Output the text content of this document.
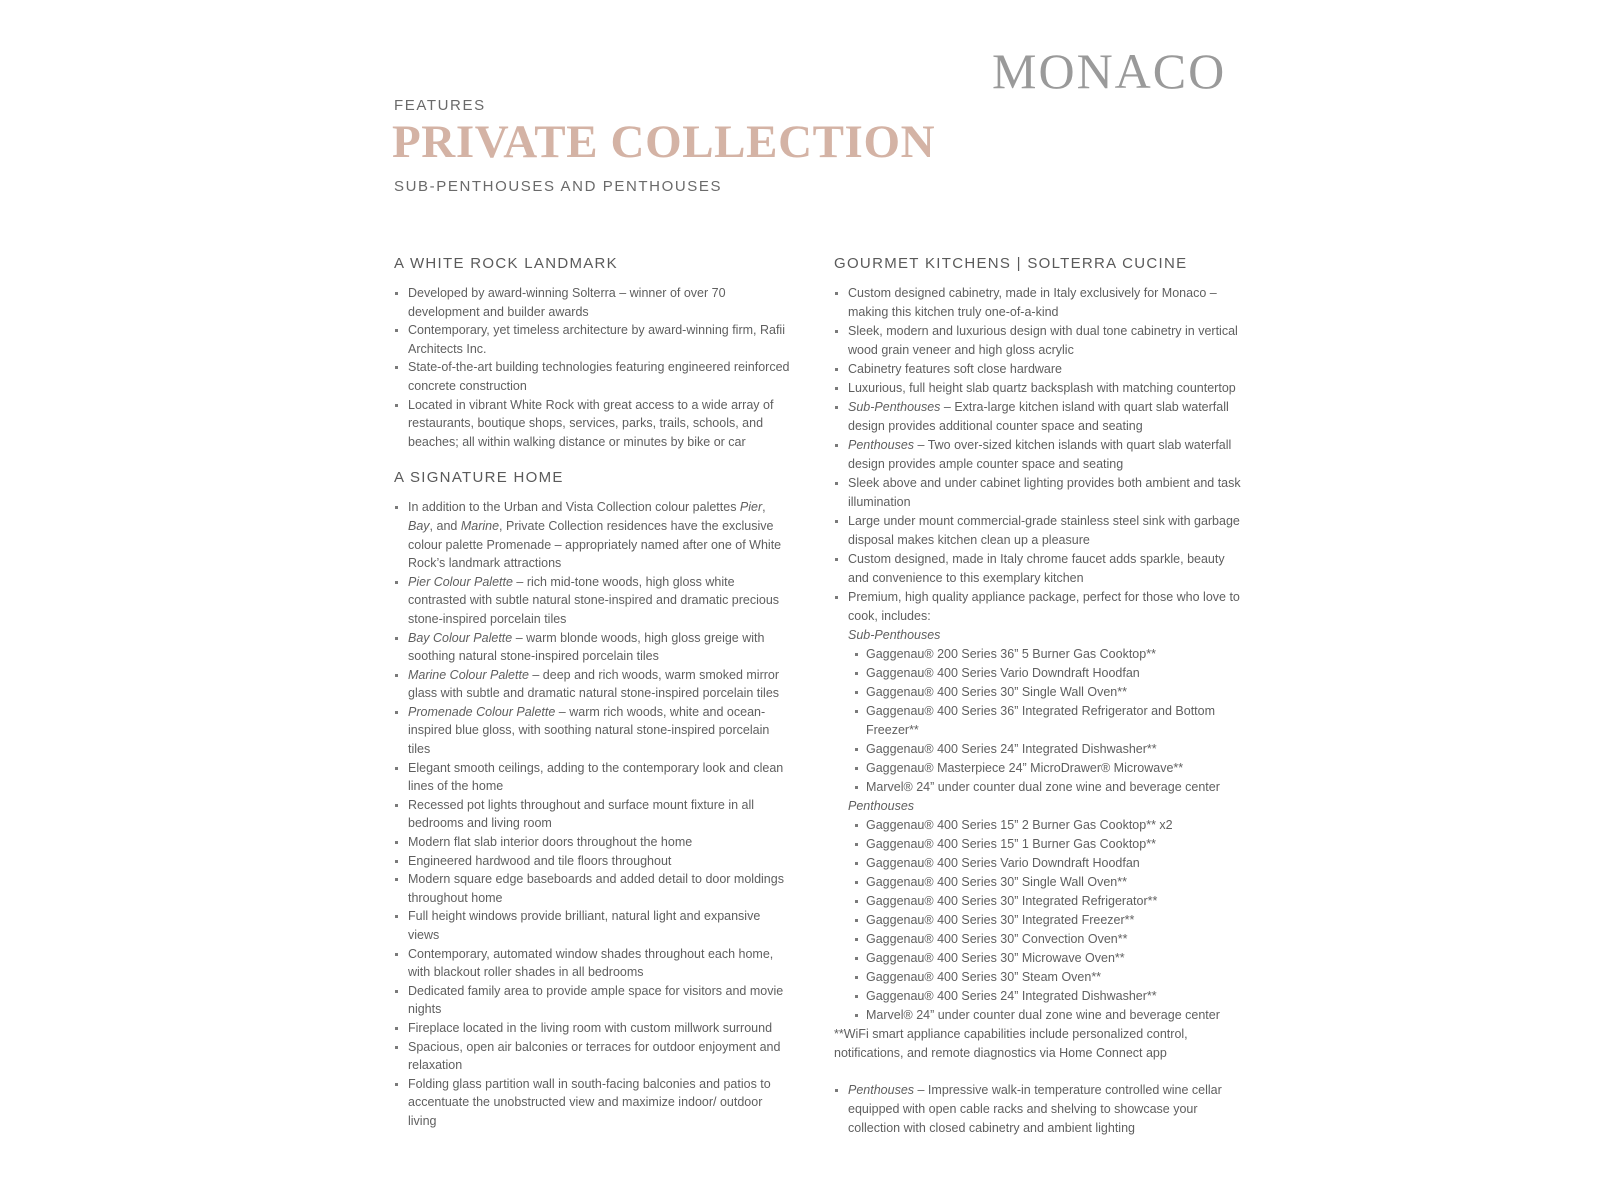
MONACO
FEATURES
PRIVATE COLLECTION
SUB-PENTHOUSES AND PENTHOUSES
A WHITE ROCK LANDMARK
Developed by award-winning Solterra – winner of over 70 development and builder awards
Contemporary, yet timeless architecture by award-winning firm, Rafii Architects Inc.
State-of-the-art building technologies featuring engineered reinforced concrete construction
Located in vibrant White Rock with great access to a wide array of restaurants, boutique shops, services, parks, trails, schools, and beaches; all within walking distance or minutes by bike or car
A SIGNATURE HOME
In addition to the Urban and Vista Collection colour palettes Pier, Bay, and Marine, Private Collection residences have the exclusive colour palette Promenade – appropriately named after one of White Rock’s landmark attractions
Pier Colour Palette – rich mid-tone woods, high gloss white contrasted with subtle natural stone-inspired and dramatic precious stone-inspired porcelain tiles
Bay Colour Palette – warm blonde woods, high gloss greige with soothing natural stone-inspired porcelain tiles
Marine Colour Palette – deep and rich woods, warm smoked mirror glass with subtle and dramatic natural stone-inspired porcelain tiles
Promenade Colour Palette – warm rich woods, white and ocean-inspired blue gloss, with soothing natural stone-inspired porcelain tiles
Elegant smooth ceilings, adding to the contemporary look and clean lines of the home
Recessed pot lights throughout and surface mount fixture in all bedrooms and living room
Modern flat slab interior doors throughout the home
Engineered hardwood and tile floors throughout
Modern square edge baseboards and added detail to door moldings throughout home
Full height windows provide brilliant, natural light and expansive views
Contemporary, automated window shades throughout each home, with blackout roller shades in all bedrooms
Dedicated family area to provide ample space for visitors and movie nights
Fireplace located in the living room with custom millwork surround
Spacious, open air balconies or terraces for outdoor enjoyment and relaxation
Folding glass partition wall in south-facing balconies and patios to accentuate the unobstructed view and maximize indoor/ outdoor living
GOURMET KITCHENS | SOLTERRA CUCINE
Custom designed cabinetry, made in Italy exclusively for Monaco – making this kitchen truly one-of-a-kind
Sleek, modern and luxurious design with dual tone cabinetry in vertical wood grain veneer and high gloss acrylic
Cabinetry features soft close hardware
Luxurious, full height slab quartz backsplash with matching countertop
Sub-Penthouses – Extra-large kitchen island with quart slab waterfall design provides additional counter space and seating
Penthouses – Two over-sized kitchen islands with quart slab waterfall design provides ample counter space and seating
Sleek above and under cabinet lighting provides both ambient and task illumination
Large under mount commercial-grade stainless steel sink with garbage disposal makes kitchen clean up a pleasure
Custom designed, made in Italy chrome faucet adds sparkle, beauty and convenience to this exemplary kitchen
Premium, high quality appliance package, perfect for those who love to cook, includes:
Sub-Penthouses
Gaggenau® 200 Series 36” 5 Burner Gas Cooktop**
Gaggenau® 400 Series Vario Downdraft Hoodfan
Gaggenau® 400 Series 30” Single Wall Oven**
Gaggenau® 400 Series 36” Integrated Refrigerator and Bottom Freezer**
Gaggenau® 400 Series 24” Integrated Dishwasher**
Gaggenau® Masterpiece 24” MicroDrawer® Microwave**
Marvel® 24” under counter dual zone wine and beverage center
Penthouses
Gaggenau® 400 Series 15” 2 Burner Gas Cooktop** x2
Gaggenau® 400 Series 15” 1 Burner Gas Cooktop**
Gaggenau® 400 Series Vario Downdraft Hoodfan
Gaggenau® 400 Series 30” Single Wall Oven**
Gaggenau® 400 Series 30” Integrated Refrigerator**
Gaggenau® 400 Series 30” Integrated Freezer**
Gaggenau® 400 Series 30” Convection Oven**
Gaggenau® 400 Series 30” Microwave Oven**
Gaggenau® 400 Series 30” Steam Oven**
Gaggenau® 400 Series 24” Integrated Dishwasher**
Marvel® 24” under counter dual zone wine and beverage center

**WiFi smart appliance capabilities include personalized control, notifications, and remote diagnostics via Home Connect app

Penthouses – Impressive walk-in temperature controlled wine cellar equipped with open cable racks and shelving to showcase your collection with closed cabinetry and ambient lighting
